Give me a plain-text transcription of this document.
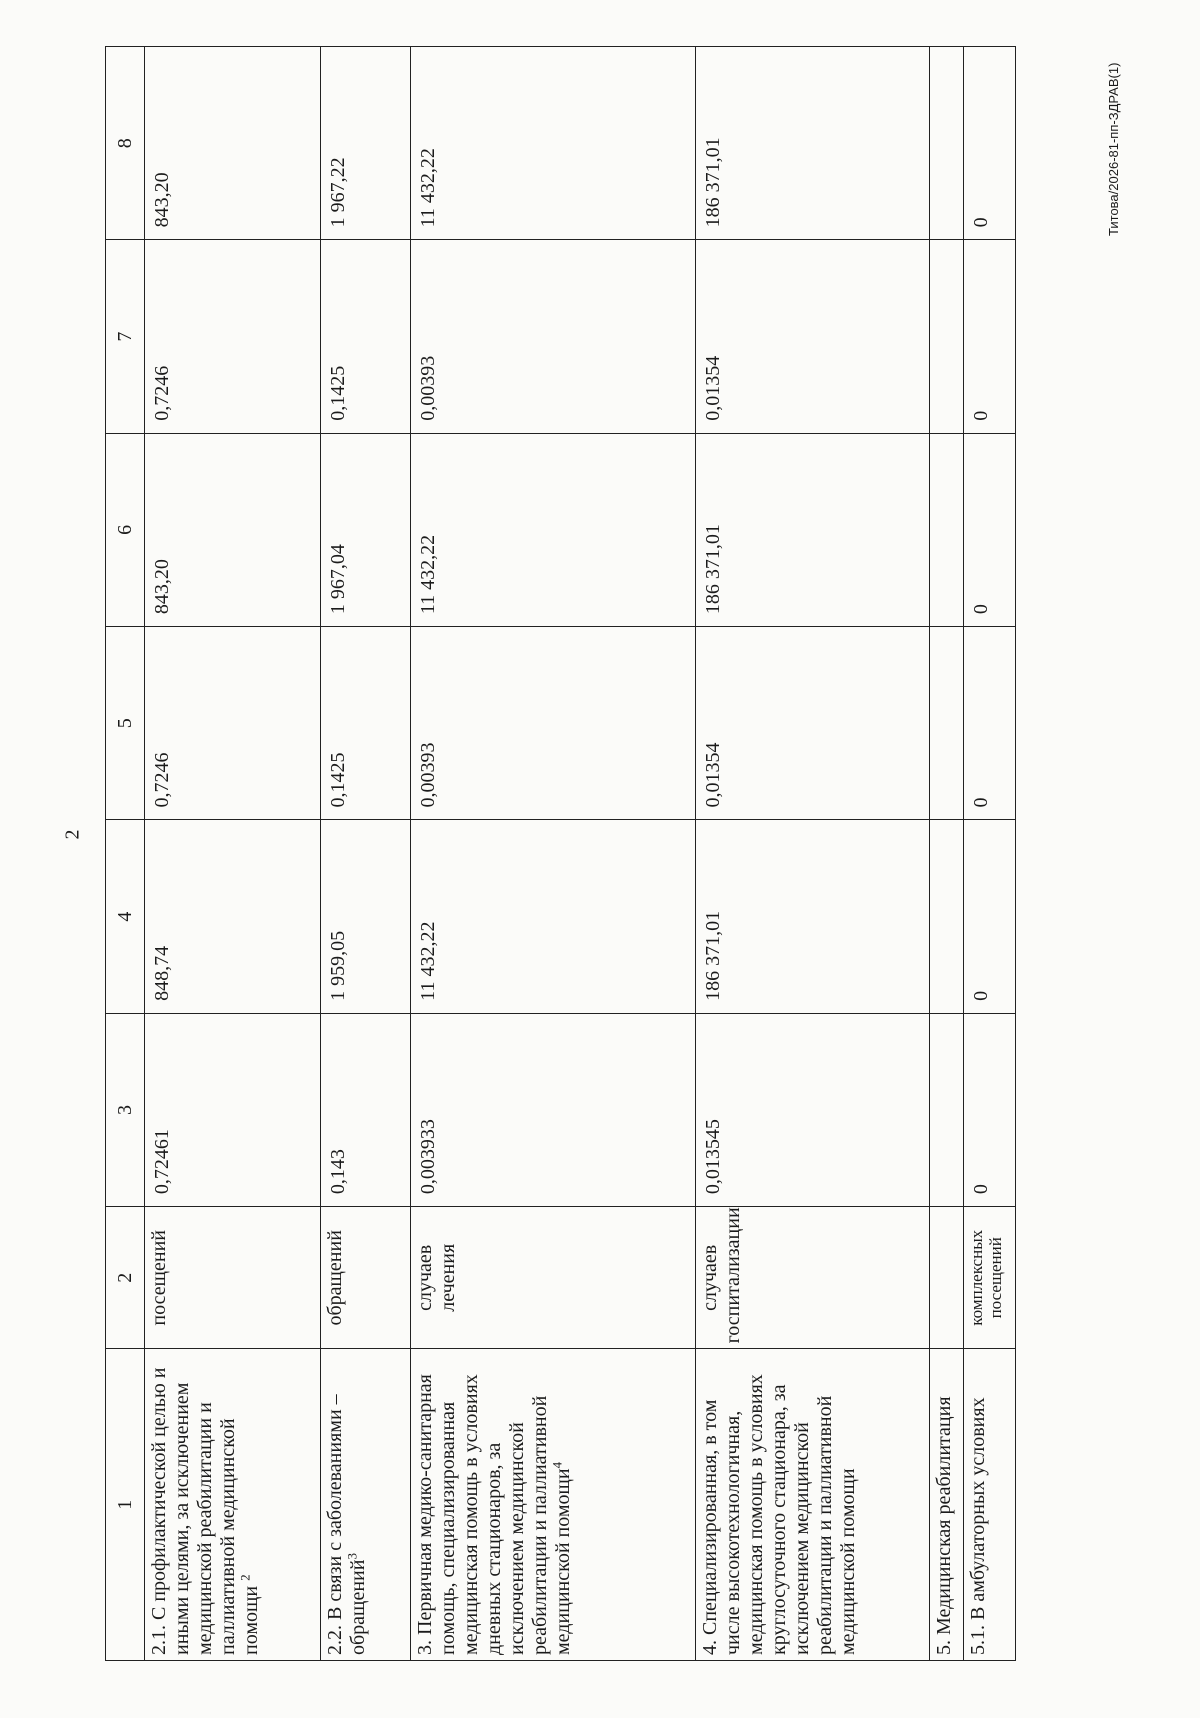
2
Титова/2026-81-пп-ЗДРАВ(1)
1	2	3	4	5	6	7	8
2.1. С профилактической целью и иными целями, за исключением медицинской реабилитации и паллиативной медицинской помощи $^2$	посещений	0,72461	848,74	0,7246	843,20	0,7246	843,20
2.2. В связи с заболеваниями – обращений$^3$	обращений	0,143	1 959,05	0,1425	1 967,04	0,1425	1 967,22
3. Первичная медико-санитарная помощь, специализированная медицинская помощь в условиях дневных стационаров, за исключением медицинской реабилитации и паллиативной медицинской помощи$^4$	случаев лечения	0,003933	11 432,22	0,00393	11 432,22	0,00393	11 432,22
4. Специализированная, в том числе высокотехнологичная, медицинская помощь в условиях круглосуточного стационара, за исключением медицинской реабилитации и паллиативной медицинской помощи	случаев госпитализации	0,013545	186 371,01	0,01354	186 371,01	0,01354	186 371,01
5. Медицинская реабилитация							
5.1. В амбулаторных условиях	комплексных посещений	0	0	0	0	0	0
